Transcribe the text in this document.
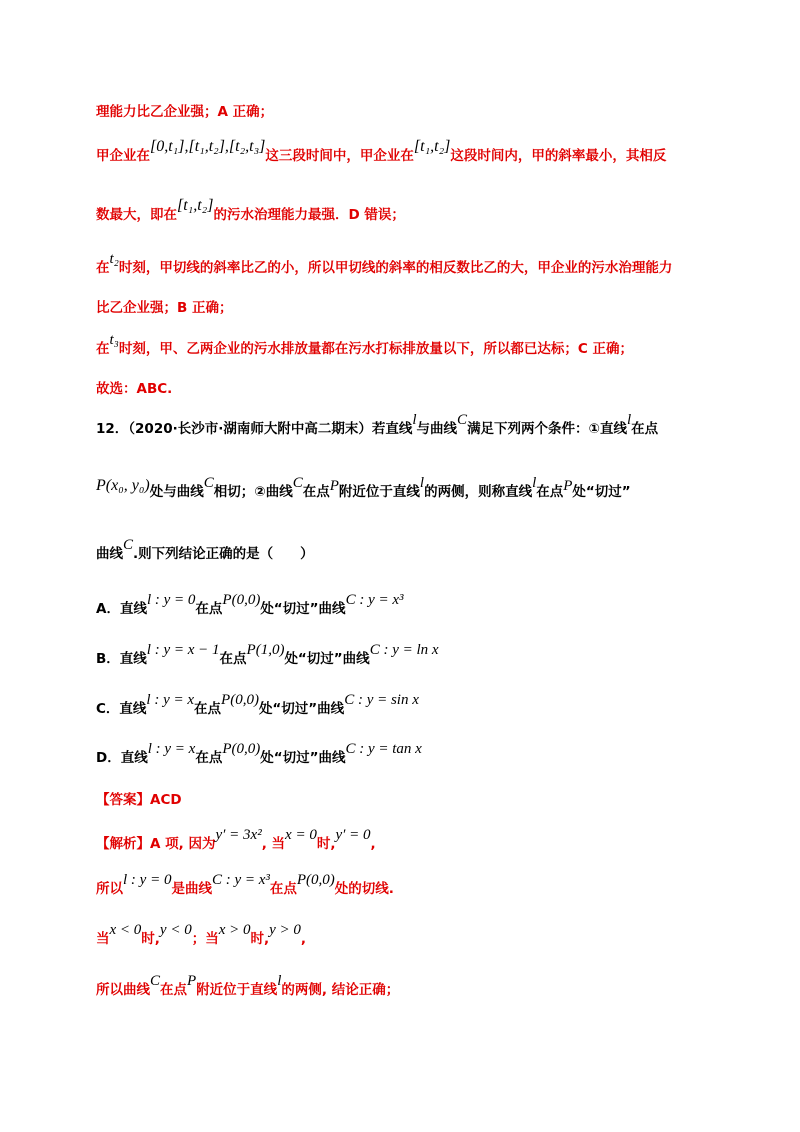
理能力比乙企业强；A 正确；
甲企业在[0,t₁],[t₁,t₂],[t₂,t₃]这三段时间中，甲企业在[t₁,t₂]这段时间内，甲的斜率最小，其相反
数最大，即在[t₁,t₂]的污水治理能力最强．D 错误；
在t₂时刻，甲切线的斜率比乙的小，所以甲切线的斜率的相反数比乙的大，甲企业的污水治理能力
比乙企业强；B 正确；
在t₃时刻，甲、乙两企业的污水排放量都在污水打标排放量以下，所以都已达标；C 正确；
故选：ABC.
12．（2020·长沙市·湖南师大附中高二期末）若直线l与曲线C满足下列两个条件：①直线l在点
P(x₀, y₀)处与曲线C相切；②曲线C在点P附近位于直线l的两侧，则称直线l在点P处“切过”
曲线C.则下列结论正确的是（　　）
A．直线l : y = 0在点P(0,0)处“切过”曲线C : y = x³
B．直线l : y = x − 1在点P(1,0)处“切过”曲线C : y = ln x
C．直线l : y = x在点P(0,0)处“切过”曲线C : y = sin x
D．直线l : y = x在点P(0,0)处“切过”曲线C : y = tan x
【答案】ACD
【解析】A 项, 因为y′ = 3x², 当x = 0时,y′ = 0,
所以l : y = 0是曲线C : y = x³在点P(0,0)处的切线.
当x < 0时,y < 0；当x > 0时,y > 0,
所以曲线C在点P附近位于直线l的两侧, 结论正确；
